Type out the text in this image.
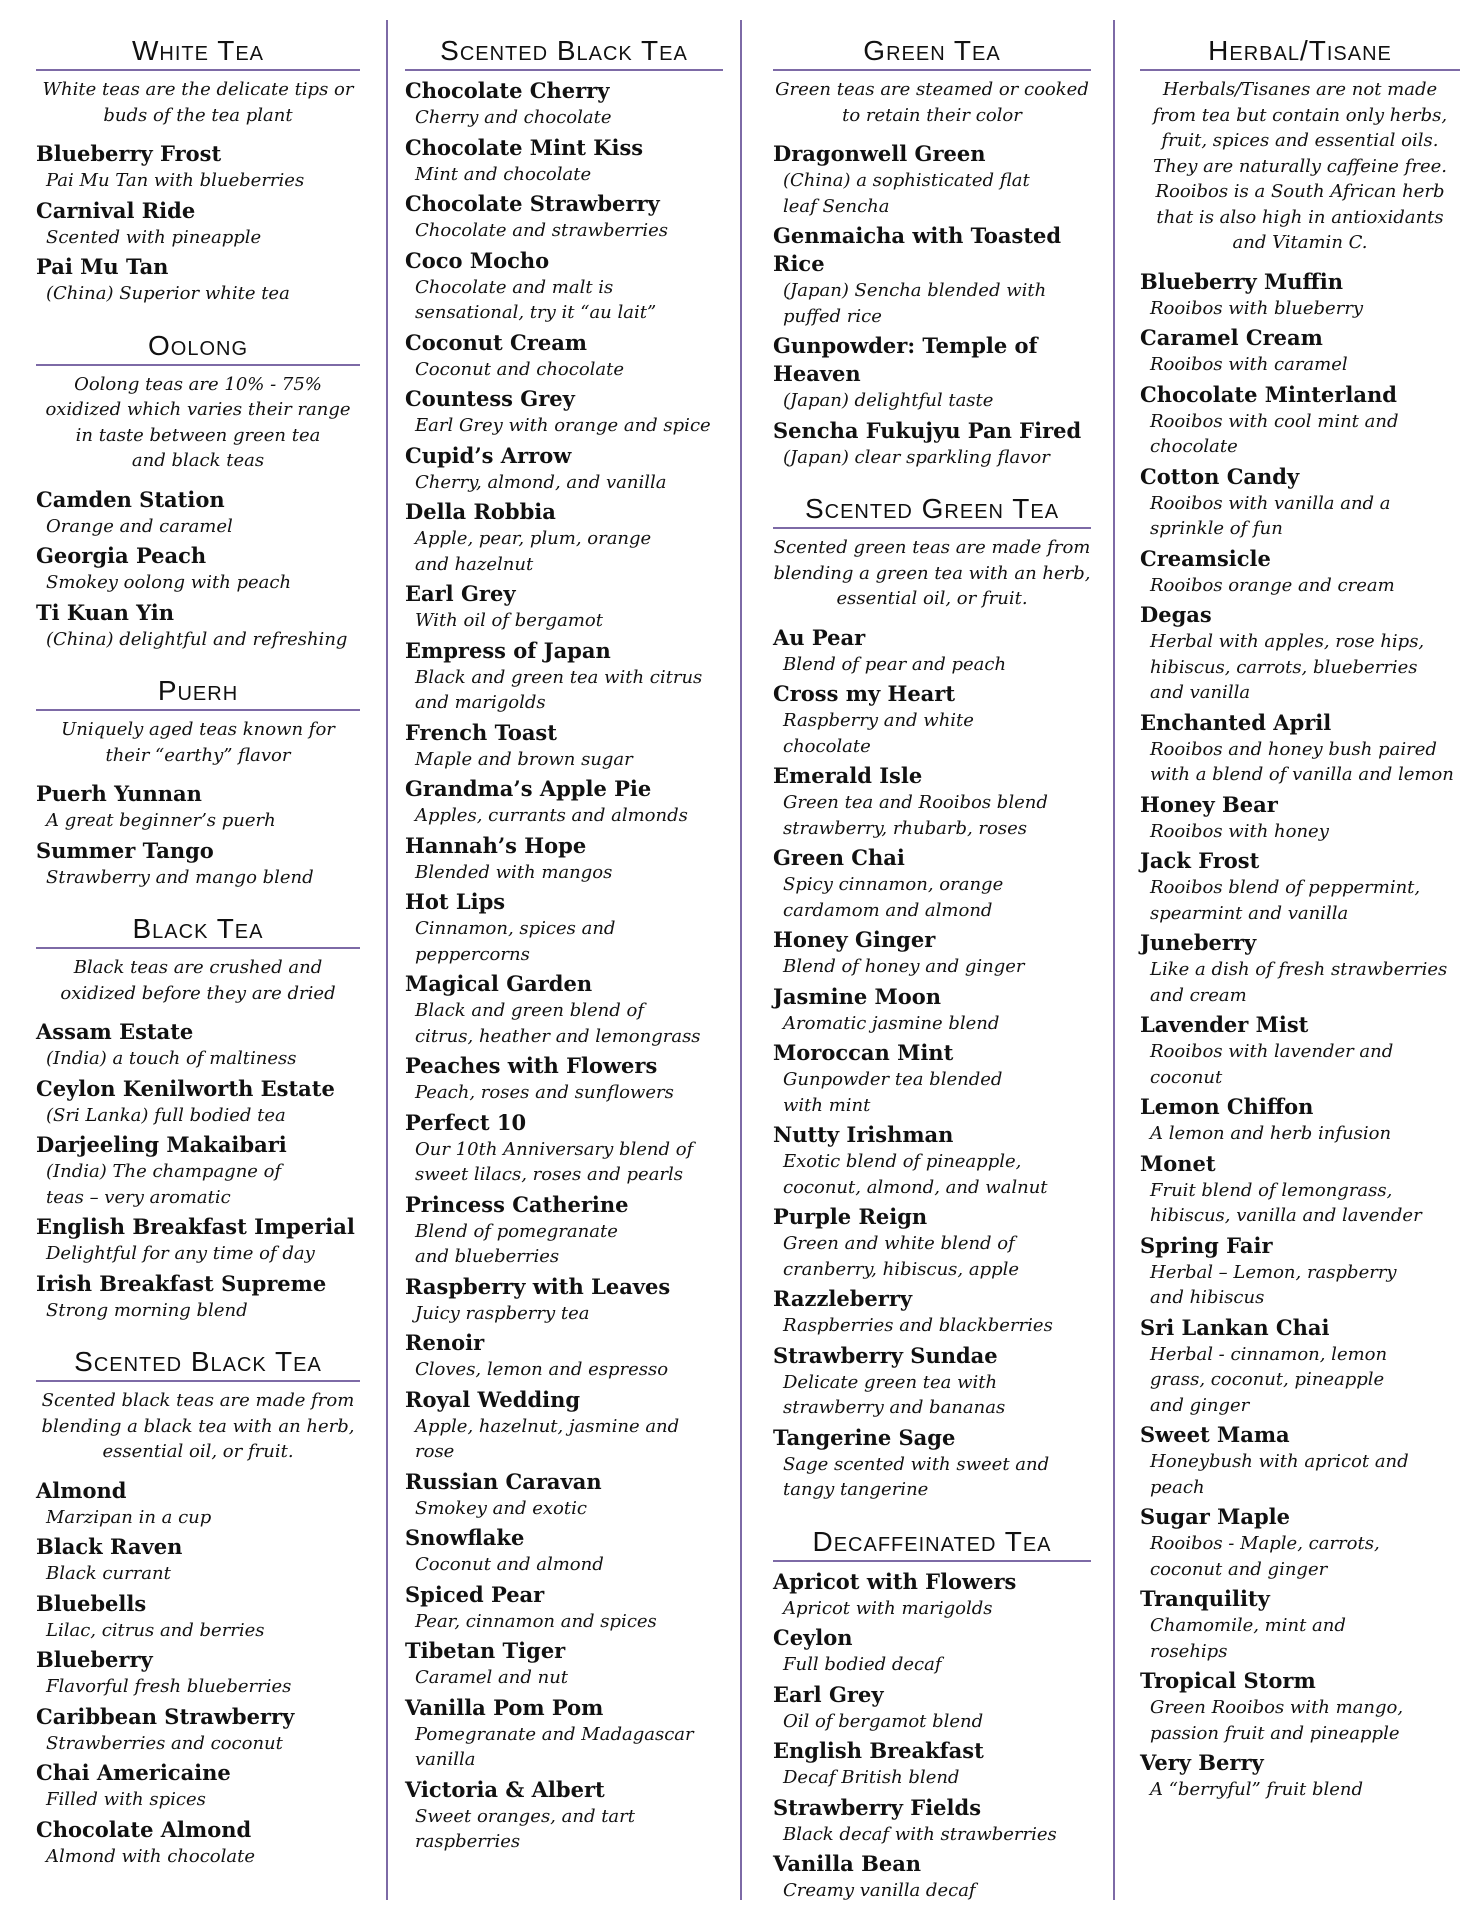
White Tea
White teas are the delicate tips or
buds of the tea plant
Blueberry Frost
Pai Mu Tan with blueberries
Carnival Ride
Scented with pineapple
Pai Mu Tan
(China) Superior white tea
Oolong
Oolong teas are 10% - 75%
oxidized which varies their range
in taste between green tea
and black teas
Camden Station
Orange and caramel
Georgia Peach
Smokey oolong with peach
Ti Kuan Yin
(China) delightful and refreshing
Puerh
Uniquely aged teas known for
their “earthy” flavor
Puerh Yunnan
A great beginner’s puerh
Summer Tango
Strawberry and mango blend
Black Tea
Black teas are crushed and
oxidized before they are dried
Assam Estate
(India) a touch of maltiness
Ceylon Kenilworth Estate
(Sri Lanka) full bodied tea
Darjeeling Makaibari
(India) The champagne of
teas – very aromatic
English Breakfast Imperial
Delightful for any time of day
Irish Breakfast Supreme
Strong morning blend
Scented Black Tea
Scented black teas are made from
blending a black tea with an herb,
essential oil, or fruit.
Almond
Marzipan in a cup
Black Raven
Black currant
Bluebells
Lilac, citrus and berries
Blueberry
Flavorful fresh blueberries
Caribbean Strawberry
Strawberries and coconut
Chai Americaine
Filled with spices
Chocolate Almond
Almond with chocolate
Scented Black Tea
Chocolate Cherry
Cherry and chocolate
Chocolate Mint Kiss
Mint and chocolate
Chocolate Strawberry
Chocolate and strawberries
Coco Mocho
Chocolate and malt is
sensational, try it “au lait”
Coconut Cream
Coconut and chocolate
Countess Grey
Earl Grey with orange and spice
Cupid’s Arrow
Cherry, almond, and vanilla
Della Robbia
Apple, pear, plum, orange
and hazelnut
Earl Grey
With oil of bergamot
Empress of Japan
Black and green tea with citrus
and marigolds
French Toast
Maple and brown sugar
Grandma’s Apple Pie
Apples, currants and almonds
Hannah’s Hope
Blended with mangos
Hot Lips
Cinnamon, spices and
peppercorns
Magical Garden
Black and green blend of
citrus, heather and lemongrass
Peaches with Flowers
Peach, roses and sunflowers
Perfect 10
Our 10th Anniversary blend of
sweet lilacs, roses and pearls
Princess Catherine
Blend of pomegranate
and blueberries
Raspberry with Leaves
Juicy raspberry tea
Renoir
Cloves, lemon and espresso
Royal Wedding
Apple, hazelnut, jasmine and rose
Russian Caravan
Smokey and exotic
Snowflake
Coconut and almond
Spiced Pear
Pear, cinnamon and spices
Tibetan Tiger
Caramel and nut
Vanilla Pom Pom
Pomegranate and Madagascar
vanilla
Victoria & Albert
Sweet oranges, and tart
raspberries
Green Tea
Green teas are steamed or cooked
to retain their color
Dragonwell Green
(China) a sophisticated flat
leaf Sencha
Genmaicha with Toasted Rice
(Japan) Sencha blended with
puffed rice
Gunpowder: Temple of Heaven
(Japan) delightful taste
Sencha Fukujyu Pan Fired
(Japan) clear sparkling flavor
Scented Green Tea
Scented green teas are made from
blending a green tea with an herb,
essential oil, or fruit.
Au Pear
Blend of pear and peach
Cross my Heart
Raspberry and white
chocolate
Emerald Isle
Green tea and Rooibos blend
strawberry, rhubarb, roses
Green Chai
Spicy cinnamon, orange
cardamom and almond
Honey Ginger
Blend of honey and ginger
Jasmine Moon
Aromatic jasmine blend
Moroccan Mint
Gunpowder tea blended
with mint
Nutty Irishman
Exotic blend of pineapple,
coconut, almond, and walnut
Purple Reign
Green and white blend of
cranberry, hibiscus, apple
Razzleberry
Raspberries and blackberries
Strawberry Sundae
Delicate green tea with
strawberry and bananas
Tangerine Sage
Sage scented with sweet and
tangy tangerine
Decaffeinated Tea
Apricot with Flowers
Apricot with marigolds
Ceylon
Full bodied decaf
Earl Grey
Oil of bergamot blend
English Breakfast
Decaf British blend
Strawberry Fields
Black decaf with strawberries
Vanilla Bean
Creamy vanilla decaf
Herbal/Tisane
Herbals/Tisanes are not made
from tea but contain only herbs,
fruit, spices and essential oils.
They are naturally caffeine free.
Rooibos is a South African herb
that is also high in antioxidants
and Vitamin C.
Blueberry Muffin
Rooibos with blueberry
Caramel Cream
Rooibos with caramel
Chocolate Minterland
Rooibos with cool mint and
chocolate
Cotton Candy
Rooibos with vanilla and a
sprinkle of fun
Creamsicle
Rooibos orange and cream
Degas
Herbal with apples, rose hips,
hibiscus, carrots, blueberries
and vanilla
Enchanted April
Rooibos and honey bush paired
with a blend of vanilla and lemon
Honey Bear
Rooibos with honey
Jack Frost
Rooibos blend of peppermint,
spearmint and vanilla
Juneberry
Like a dish of fresh strawberries
and cream
Lavender Mist
Rooibos with lavender and
coconut
Lemon Chiffon
A lemon and herb infusion
Monet
Fruit blend of lemongrass,
hibiscus, vanilla and lavender
Spring Fair
Herbal – Lemon, raspberry
and hibiscus
Sri Lankan Chai
Herbal - cinnamon, lemon
grass, coconut, pineapple
and ginger
Sweet Mama
Honeybush with apricot and
peach
Sugar Maple
Rooibos - Maple, carrots,
coconut and ginger
Tranquility
Chamomile, mint and
rosehips
Tropical Storm
Green Rooibos with mango,
passion fruit and pineapple
Very Berry
A “berryful” fruit blend
